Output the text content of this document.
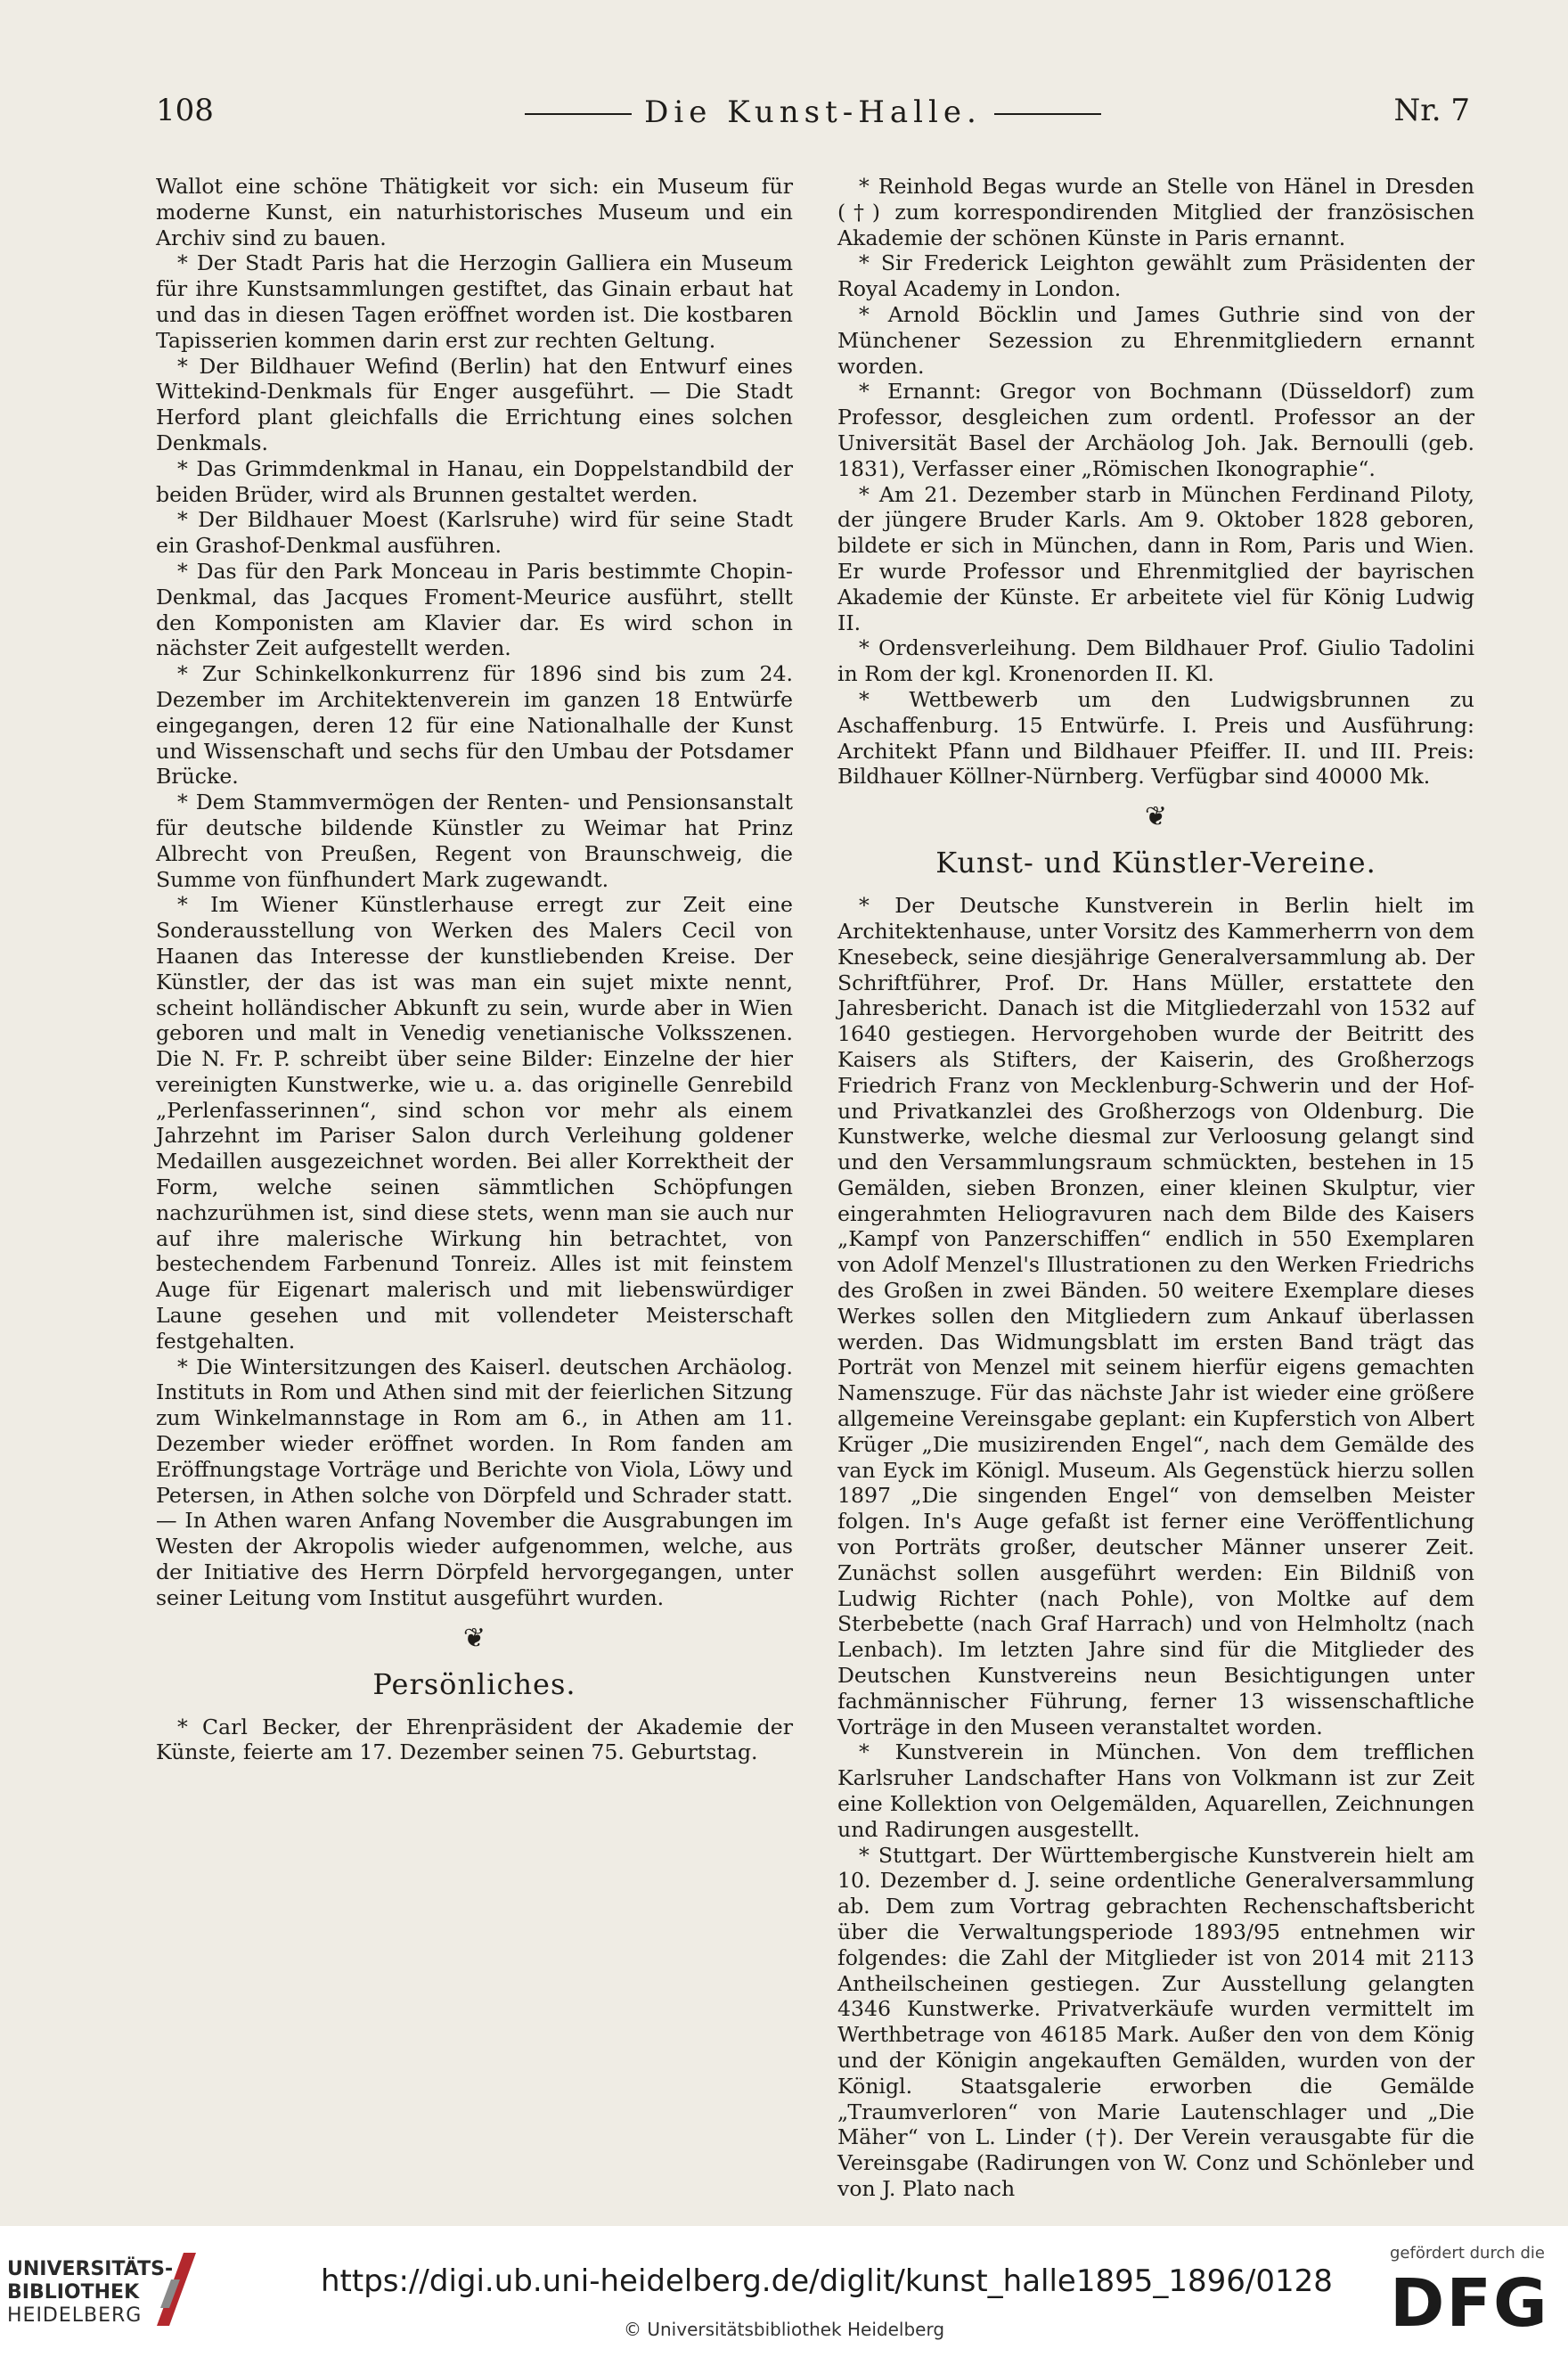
108	Die Kunst-Halle.	Nr. 7

Wallot eine schöne Thätigkeit vor sich: ein Museum für moderne Kunst, ein naturhistorisches Museum und ein Archiv sind zu bauen.

* Der Stadt Paris hat die Herzogin Galliera ein Museum für ihre Kunstsammlungen gestiftet, das Ginain erbaut hat und das in diesen Tagen eröffnet worden ist. Die kostbaren Tapisserien kommen darin erst zur rechten Geltung.

* Der Bildhauer Wefind (Berlin) hat den Entwurf eines Wittekind-Denkmals für Enger ausgeführt. — Die Stadt Herford plant gleichfalls die Errichtung eines solchen Denkmals.

* Das Grimmdenkmal in Hanau, ein Doppelstandbild der beiden Brüder, wird als Brunnen gestaltet werden.

* Der Bildhauer Moest (Karlsruhe) wird für seine Stadt ein Grashof-Denkmal ausführen.

* Das für den Park Monceau in Paris bestimmte Chopin-Denkmal, das Jacques Froment-Meurice ausführt, stellt den Komponisten am Klavier dar. Es wird schon in nächster Zeit aufgestellt werden.

* Zur Schinkelkonkurrenz für 1896 sind bis zum 24. Dezember im Architektenverein im ganzen 18 Entwürfe eingegangen, deren 12 für eine Nationalhalle der Kunst und Wissenschaft und sechs für den Umbau der Potsdamer Brücke.

* Dem Stammvermögen der Renten- und Pensionsanstalt für deutsche bildende Künstler zu Weimar hat Prinz Albrecht von Preußen, Regent von Braunschweig, die Summe von fünfhundert Mark zugewandt.

* Im Wiener Künstlerhause erregt zur Zeit eine Sonderausstellung von Werken des Malers Cecil von Haanen das Interesse der kunstliebenden Kreise. Der Künstler, der das ist was man ein sujet mixte nennt, scheint holländischer Abkunft zu sein, wurde aber in Wien geboren und malt in Venedig venetianische Volksszenen. Die N. Fr. P. schreibt über seine Bilder: Einzelne der hier vereinigten Kunstwerke, wie u. a. das originelle Genrebild „Perlenfasserinnen“, sind schon vor mehr als einem Jahrzehnt im Pariser Salon durch Verleihung goldener Medaillen ausgezeichnet worden. Bei aller Korrektheit der Form, welche seinen sämmtlichen Schöpfungen nachzurühmen ist, sind diese stets, wenn man sie auch nur auf ihre malerische Wirkung hin betrachtet, von bestechendem Farbenund Tonreiz. Alles ist mit feinstem Auge für Eigenart malerisch und mit liebenswürdiger Laune gesehen und mit vollendeter Meisterschaft festgehalten.

* Die Wintersitzungen des Kaiserl. deutschen Archäolog. Instituts in Rom und Athen sind mit der feierlichen Sitzung zum Winkelmannstage in Rom am 6., in Athen am 11. Dezember wieder eröffnet worden. In Rom fanden am Eröffnungstage Vorträge und Berichte von Viola, Löwy und Petersen, in Athen solche von Dörpfeld und Schrader statt. — In Athen waren Anfang November die Ausgrabungen im Westen der Akropolis wieder aufgenommen, welche, aus der Initiative des Herrn Dörpfeld hervorgegangen, unter seiner Leitung vom Institut ausgeführt wurden.

❦
Persönliches.

* Carl Becker, der Ehrenpräsident der Akademie der Künste, feierte am 17. Dezember seinen 75. Geburtstag.

* Reinhold Begas wurde an Stelle von Hänel in Dresden (†) zum korrespondirenden Mitglied der französischen Akademie der schönen Künste in Paris ernannt.

* Sir Frederick Leighton gewählt zum Präsidenten der Royal Academy in London.

* Arnold Böcklin und James Guthrie sind von der Münchener Sezession zu Ehrenmitgliedern ernannt worden.

* Ernannt: Gregor von Bochmann (Düsseldorf) zum Professor, desgleichen zum ordentl. Professor an der Universität Basel der Archäolog Joh. Jak. Bernoulli (geb. 1831), Verfasser einer „Römischen Ikonographie“.

* Am 21. Dezember starb in München Ferdinand Piloty, der jüngere Bruder Karls. Am 9. Oktober 1828 geboren, bildete er sich in München, dann in Rom, Paris und Wien. Er wurde Professor und Ehrenmitglied der bayrischen Akademie der Künste. Er arbeitete viel für König Ludwig II.

* Ordensverleihung. Dem Bildhauer Prof. Giulio Tadolini in Rom der kgl. Kronenorden II. Kl.

* Wettbewerb um den Ludwigsbrunnen zu Aschaffenburg. 15 Entwürfe. I. Preis und Ausführung: Architekt Pfann und Bildhauer Pfeiffer. II. und III. Preis: Bildhauer Köllner-Nürnberg. Verfügbar sind 40000 Mk.

❦
Kunst- und Künstler-Vereine.

* Der Deutsche Kunstverein in Berlin hielt im Architektenhause, unter Vorsitz des Kammerherrn von dem Knesebeck, seine diesjährige Generalversammlung ab. Der Schriftführer, Prof. Dr. Hans Müller, erstattete den Jahresbericht. Danach ist die Mitgliederzahl von 1532 auf 1640 gestiegen. Hervorgehoben wurde der Beitritt des Kaisers als Stifters, der Kaiserin, des Großherzogs Friedrich Franz von Mecklenburg-Schwerin und der Hof- und Privatkanzlei des Großherzogs von Oldenburg. Die Kunstwerke, welche diesmal zur Verloosung gelangt sind und den Versammlungsraum schmückten, bestehen in 15 Gemälden, sieben Bronzen, einer kleinen Skulptur, vier eingerahmten Heliogravuren nach dem Bilde des Kaisers „Kampf von Panzerschiffen“ endlich in 550 Exemplaren von Adolf Menzel's Illustrationen zu den Werken Friedrichs des Großen in zwei Bänden. 50 weitere Exemplare dieses Werkes sollen den Mitgliedern zum Ankauf überlassen werden. Das Widmungsblatt im ersten Band trägt das Porträt von Menzel mit seinem hierfür eigens gemachten Namenszuge. Für das nächste Jahr ist wieder eine größere allgemeine Vereinsgabe geplant: ein Kupferstich von Albert Krüger „Die musizirenden Engel“, nach dem Gemälde des van Eyck im Königl. Museum. Als Gegenstück hierzu sollen 1897 „Die singenden Engel“ von demselben Meister folgen. In's Auge gefaßt ist ferner eine Veröffentlichung von Porträts großer, deutscher Männer unserer Zeit. Zunächst sollen ausgeführt werden: Ein Bildniß von Ludwig Richter (nach Pohle), von Moltke auf dem Sterbebette (nach Graf Harrach) und von Helmholtz (nach Lenbach). Im letzten Jahre sind für die Mitglieder des Deutschen Kunstvereins neun Besichtigungen unter fachmännischer Führung, ferner 13 wissenschaftliche Vorträge in den Museen veranstaltet worden.

* Kunstverein in München. Von dem trefflichen Karlsruher Landschafter Hans von Volkmann ist zur Zeit eine Kollektion von Oelgemälden, Aquarellen, Zeichnungen und Radirungen ausgestellt.

* Stuttgart. Der Württembergische Kunstverein hielt am 10. Dezember d. J. seine ordentliche Generalversammlung ab. Dem zum Vortrag gebrachten Rechenschaftsbericht über die Verwaltungsperiode 1893/95 entnehmen wir folgendes: die Zahl der Mitglieder ist von 2014 mit 2113 Antheilscheinen gestiegen. Zur Ausstellung gelangten 4346 Kunstwerke. Privatverkäufe wurden vermittelt im Werthbetrage von 46185 Mark. Außer den von dem König und der Königin angekauften Gemälden, wurden von der Königl. Staatsgalerie erworben die Gemälde „Traumverloren“ von Marie Lautenschlager und „Die Mäher“ von L. Linder (†). Der Verein verausgabte für die Vereinsgabe (Radirungen von W. Conz und Schönleber und von J. Plato nach

UNIVERSITÄTS-
BIBLIOTHEK
HEIDELBERG
https://digi.ub.uni-heidelberg.de/diglit/kunst_halle1895_1896/0128
© Universitätsbibliothek Heidelberg
gefördert durch die
DFG
